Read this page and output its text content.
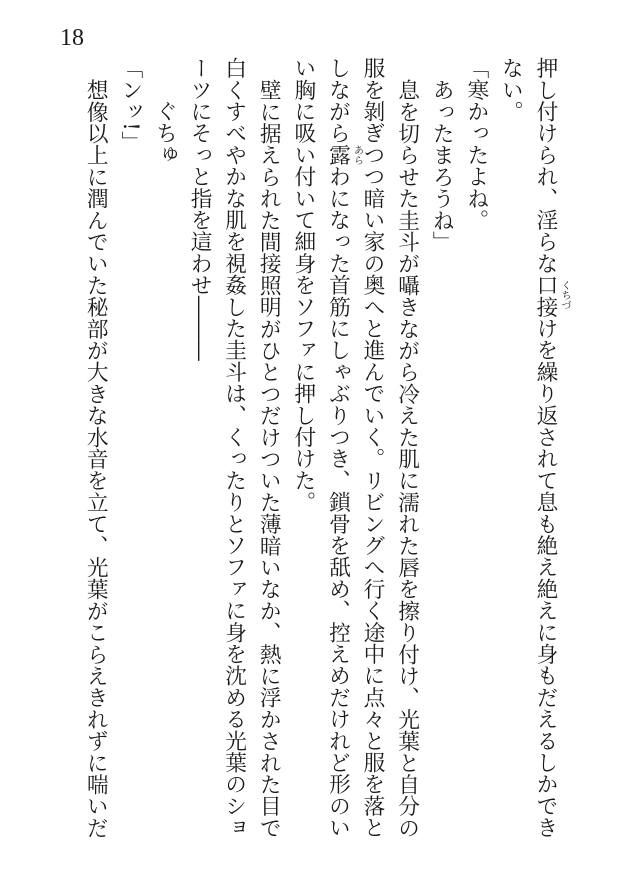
18
押し付けられ、淫らな口接 くちづ
けを繰り返されて息も絶え絶えに身もだえるしかでき
ない。
「寒かったよね。
あったまろうね」
息を切らせた圭斗が囁きながら冷えた肌に濡れた唇を擦り付け、光葉と自分の
服を剝ぎつつ暗い家の奥へと進んでいく。リビングへ行く途中に点々と服を落と
しながら露 あら
わになった首筋にしゃぶりつき、鎖骨を舐め、控えめだけれど形のい
い胸に吸い付いて細身をソファに押し付けた。
壁に据えられた間接照明がひとつだけついた薄暗いなか、熱に浮かされた目で
白くすべやかな肌を視姦した圭斗は、くったりとソファに身を沈める光葉のショ
ーツにそっと指を這わせ―――
ぐちゅ
「ンッ!」
想像以上に潤んでいた秘部が大きな水音を立て、光葉がこらえきれずに喘いだ
